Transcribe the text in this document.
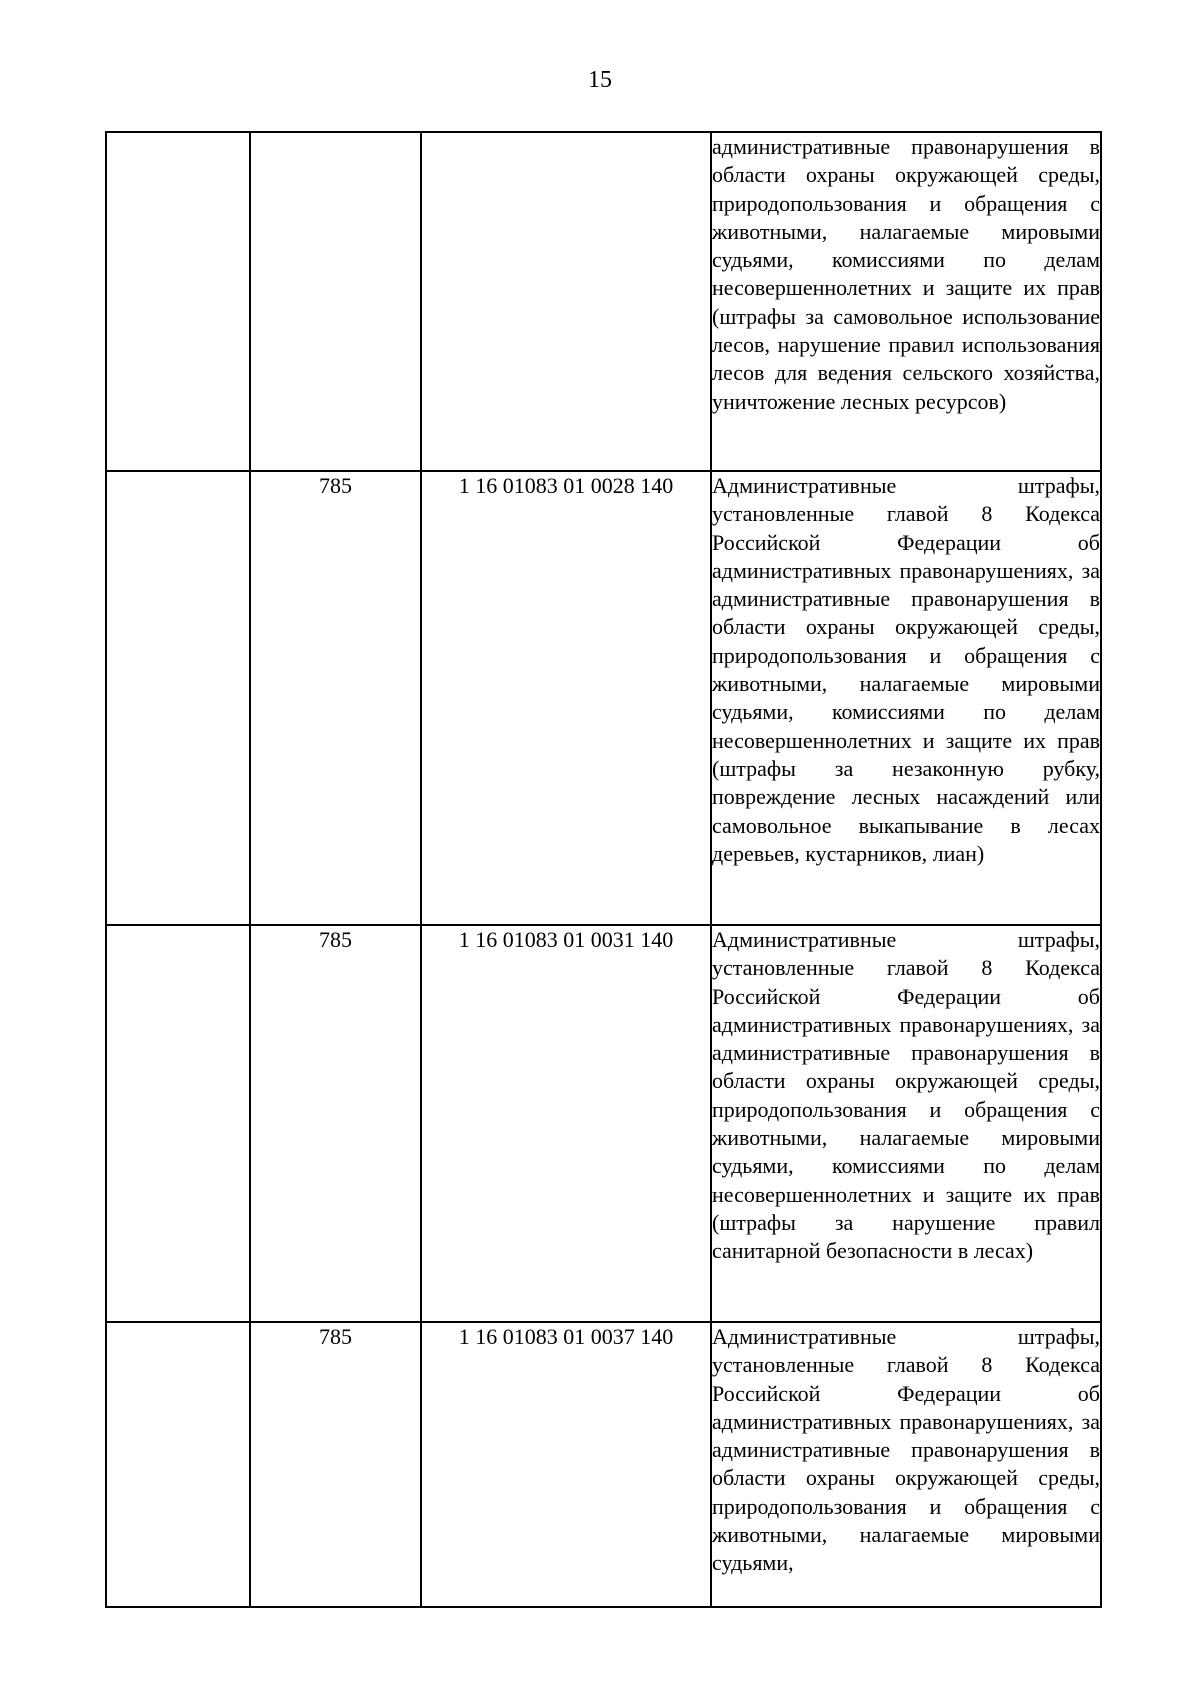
15

			административные правонарушения в области охраны окружающей среды, природопользования и обращения с животными, налагаемые мировыми судьями, комиссиями по делам несовершеннолетних и защите их прав (штрафы за самовольное использование лесов, нарушение правил использования лесов для ведения сельского хозяйства, уничтожение лесных ресурсов)

	785	1 16 01083 01 0028 140	Административные штрафы, установленные главой 8 Кодекса Российской Федерации об административных правонарушениях, за административные правонарушения в области охраны окружающей среды, природопользования и обращения с животными, налагаемые мировыми судьями, комиссиями по делам несовершеннолетних и защите их прав (штрафы за незаконную рубку, повреждение лесных насаждений или самовольное выкапывание в лесах деревьев, кустарников, лиан)

	785	1 16 01083 01 0031 140	Административные штрафы, установленные главой 8 Кодекса Российской Федерации об административных правонарушениях, за административные правонарушения в области охраны окружающей среды, природопользования и обращения с животными, налагаемые мировыми судьями, комиссиями по делам несовершеннолетних и защите их прав (штрафы за нарушение правил санитарной безопасности в лесах)

	785	1 16 01083 01 0037 140	Административные штрафы, установленные главой 8 Кодекса Российской Федерации об административных правонарушениях, за административные правонарушения в области охраны окружающей среды, природопользования и обращения с животными, налагаемые мировыми судьями,
